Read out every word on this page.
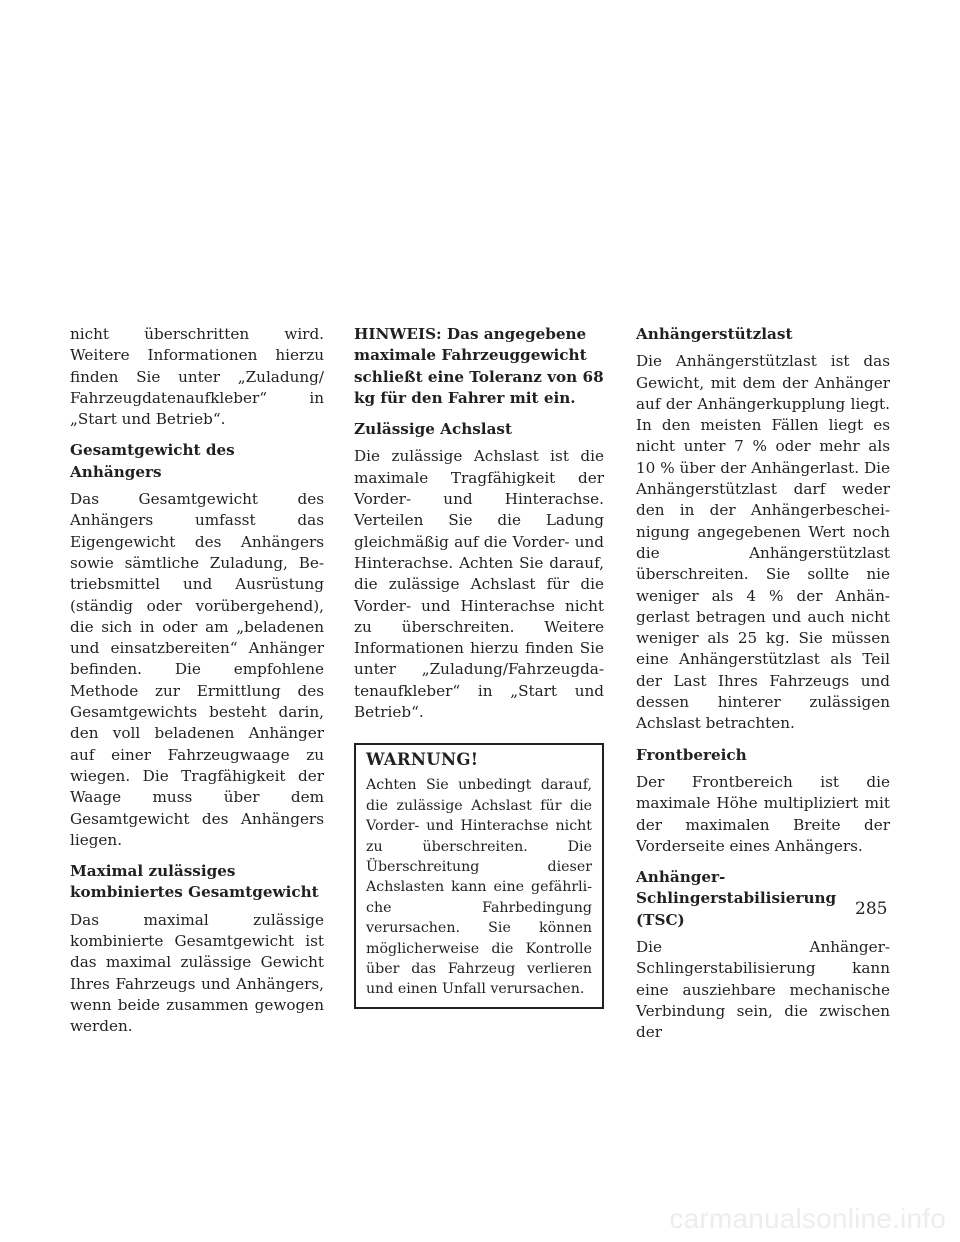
nicht überschritten wird. Weitere Informationen hierzu finden Sie unter „Zuladung/ Fahrzeugdatenaufkleber“ in „Start und Betrieb“.

Gesamtgewicht des Anhängers

Das Gesamtgewicht des Anhängers umfasst das Eigengewicht des Anhängers sowie sämtliche Zuladung, Betriebsmittel und Ausrüstung (ständig oder vorübergehend), die sich in oder am „beladenen und einsatzbereiten“ Anhänger befinden. Die empfohlene Methode zur Ermittlung des Gesamtgewichts besteht darin, den voll beladenen Anhänger auf einer Fahrzeugwaage zu wiegen. Die Tragfähigkeit der Waage muss über dem Gesamtgewicht des Anhängers liegen.

Maximal zulässiges kombiniertes Gesamtgewicht

Das maximal zulässige kombinierte Gesamtgewicht ist das maximal zulässige Gewicht Ihres Fahrzeugs und Anhängers, wenn beide zusammen gewogen werden.

HINWEIS: Das angegebene maximale Fahrzeuggewicht schließt eine Toleranz von 68 kg für den Fahrer mit ein.

Zulässige Achslast

Die zulässige Achslast ist die maximale Tragfähigkeit der Vorder- und Hinterachse. Verteilen Sie die Ladung gleichmäßig auf die Vorder- und Hinterachse. Achten Sie darauf, die zulässige Achslast für die Vorder- und Hinterachse nicht zu überschreiten. Weitere Informationen hierzu finden Sie unter „Zuladung/Fahrzeugdatenaufkleber“ in „Start und Betrieb“.

WARNUNG!

Achten Sie unbedingt darauf, die zulässige Achslast für die Vorder- und Hinterachse nicht zu überschreiten. Die Überschreitung dieser Achslasten kann eine gefährliche Fahrbedingung verursachen. Sie können möglicherweise die Kontrolle über das Fahrzeug verlieren und einen Unfall verursachen.

Anhängerstützlast

Die Anhängerstützlast ist das Gewicht, mit dem der Anhänger auf der Anhängerkupplung liegt. In den meisten Fällen liegt es nicht unter 7 % oder mehr als 10 % über der Anhängerlast. Die Anhängerstützlast darf weder den in der Anhängerbescheinigung angegebenen Wert noch die Anhängerstützlast überschreiten. Sie sollte nie weniger als 4 % der Anhängerlast betragen und auch nicht weniger als 25 kg. Sie müssen eine Anhängerstützlast als Teil der Last Ihres Fahrzeugs und dessen hinterer zulässigen Achslast betrachten.

Frontbereich

Der Frontbereich ist die maximale Höhe multipliziert mit der maximalen Breite der Vorderseite eines Anhängers.

Anhänger-Schlingerstabilisierung (TSC)

Die Anhänger-Schlingerstabilisierung kann eine ausziehbare mechanische Verbindung sein, die zwischen der

285
carmanualsonline.info
